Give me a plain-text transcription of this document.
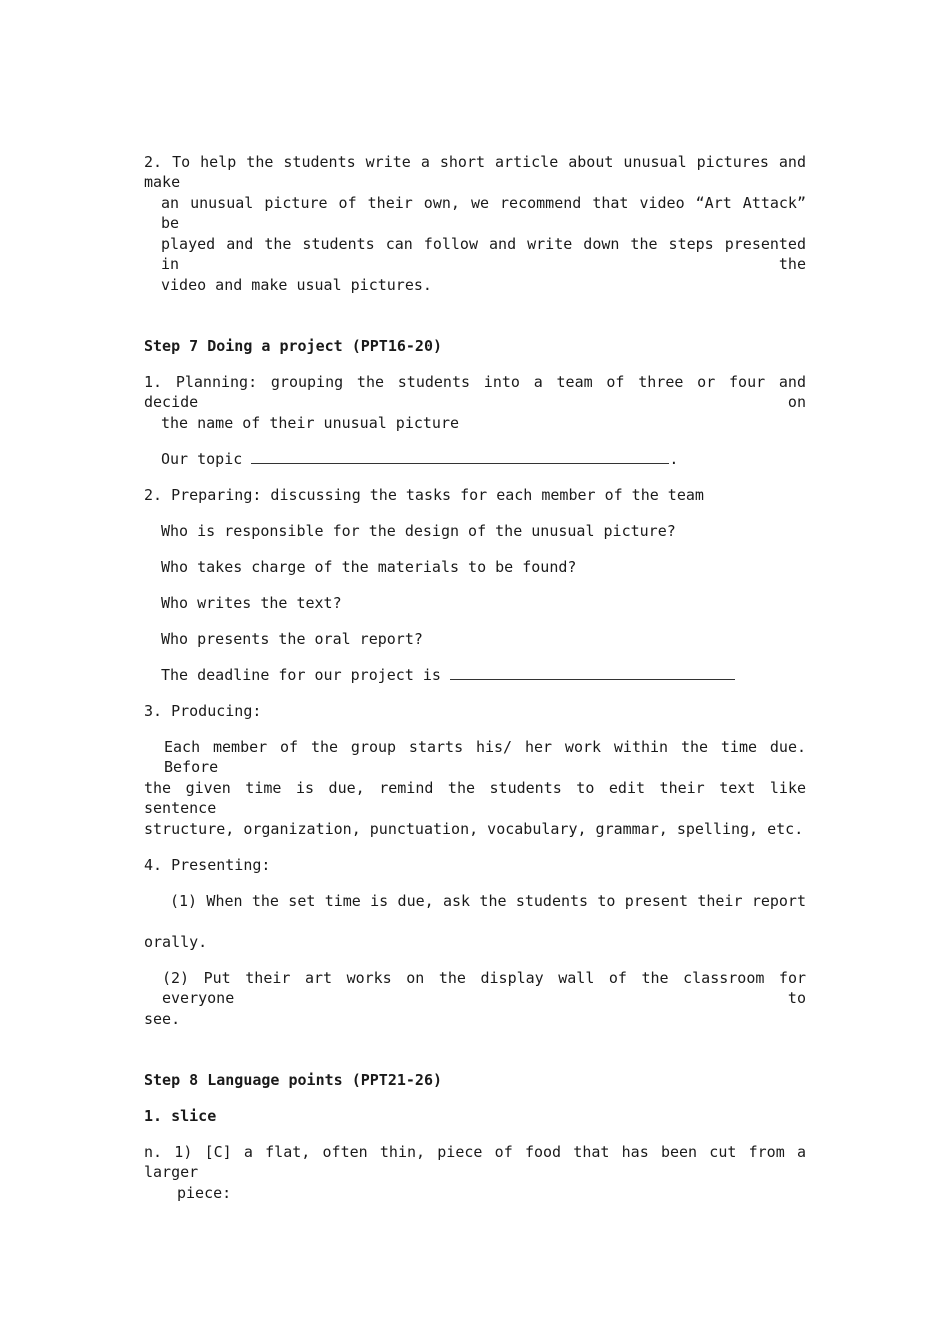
2. To help the students write a short article about unusual pictures and make
an unusual picture of their own, we recommend that video “Art Attack” be
played and the students can follow and write down the steps presented in the
video and make usual pictures.
Step 7 Doing a project (PPT16-20)
1. Planning: grouping the students into a team of three or four and decide on
the name of their unusual picture
Our topic	.
2. Preparing: discussing the tasks for each member of the team
Who is responsible for the design of the unusual picture?
Who takes charge of the materials to be found?
Who writes the text?
Who presents the oral report?
The deadline for our project is
3. Producing:
Each member of the group starts his/ her work within the time due. Before
the given time is due, remind the students to edit their text like sentence
structure, organization, punctuation, vocabulary, grammar, spelling, etc.
4. Presenting:
(1) When the set time is due, ask the students to present their report
orally.
(2) Put their art works on the display wall of the classroom for everyone to
see.
Step 8 Language points (PPT21-26)
1. slice
n. 1) [C] a flat, often thin, piece of food that has been cut from a larger
piece:
